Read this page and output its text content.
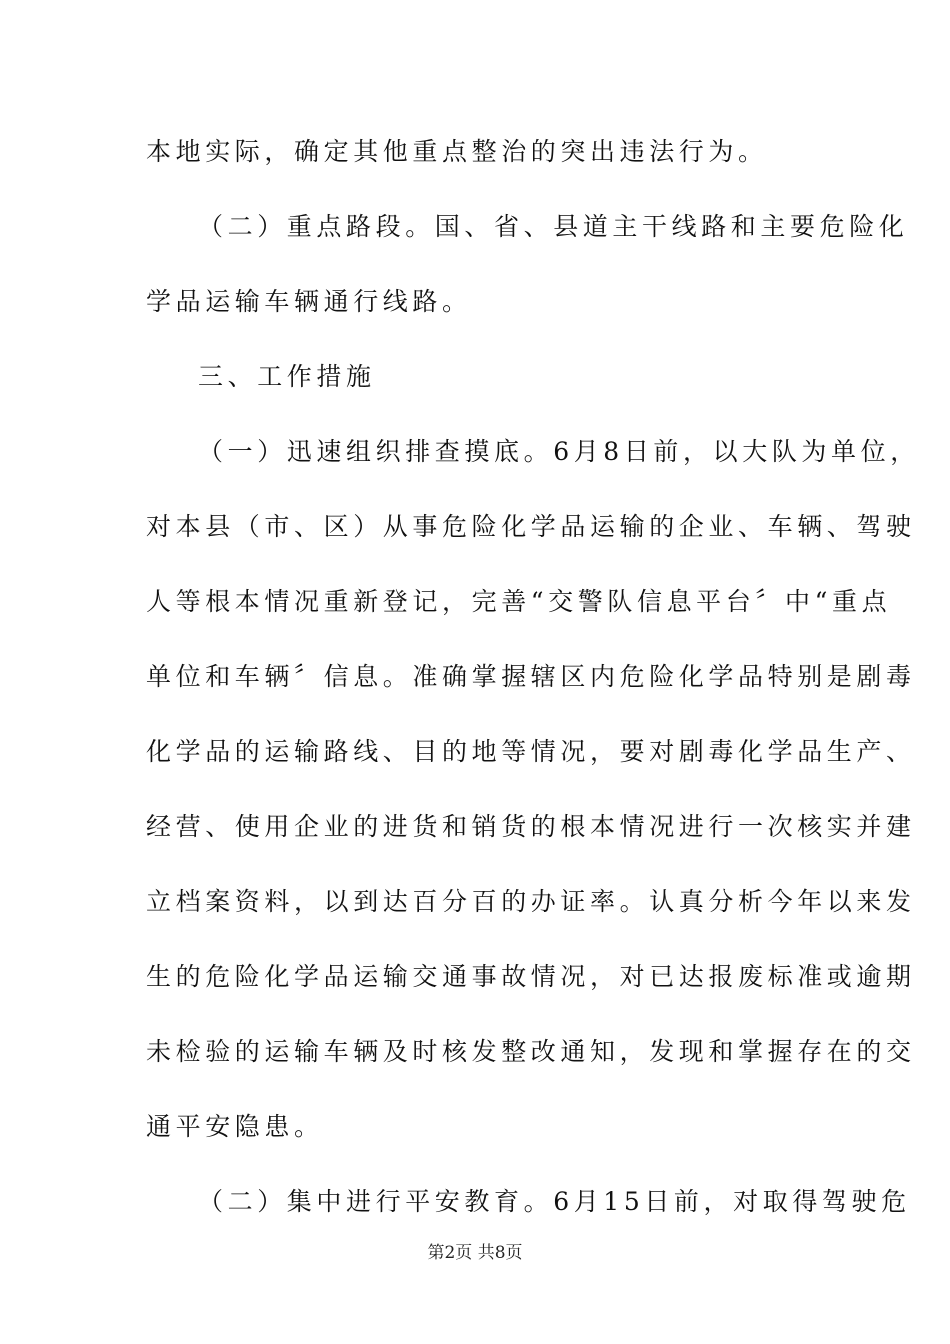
本地实际，确定其他重点整治的突出违法行为。
（二）重点路段。国、省、县道主干线路和主要危险化
学品运输车辆通行线路。
三、工作措施
（一）迅速组织排查摸底。6月8日前，以大队为单位，
对本县（市、区）从事危险化学品运输的企业、车辆、驾驶
人等根本情况重新登记，完善“交警队信息平台〞中“重点
单位和车辆〞信息。准确掌握辖区内危险化学品特别是剧毒
化学品的运输路线、目的地等情况，要对剧毒化学品生产、
经营、使用企业的进货和销货的根本情况进行一次核实并建
立档案资料，以到达百分百的办证率。认真分析今年以来发
生的危险化学品运输交通事故情况，对已达报废标准或逾期
未检验的运输车辆及时核发整改通知，发现和掌握存在的交
通平安隐患。
（二）集中进行平安教育。6月15日前，对取得驾驶危
第2页 共8页
